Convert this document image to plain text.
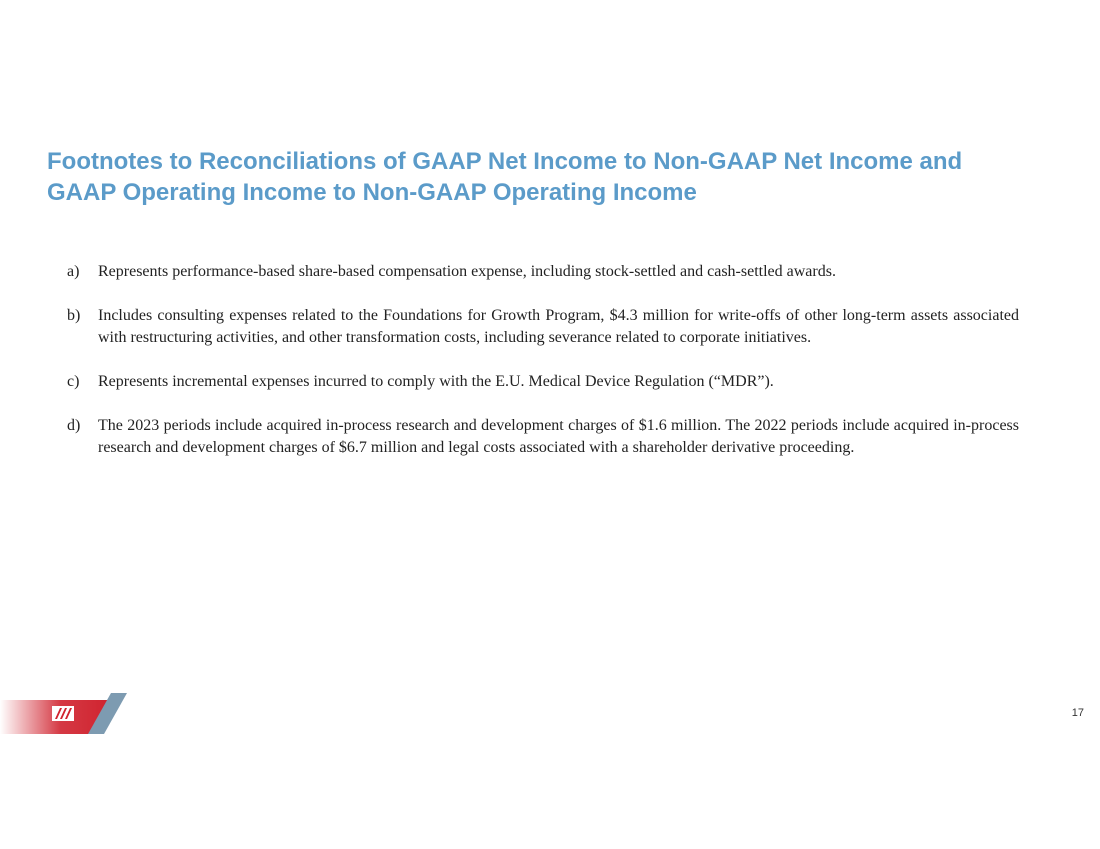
Footnotes to Reconciliations of GAAP Net Income to Non-GAAP Net Income and
GAAP Operating Income to Non-GAAP Operating Income
a) Represents performance-based share-based compensation expense, including stock-settled and cash-settled awards.
b) Includes consulting expenses related to the Foundations for Growth Program, $4.3 million for write-offs of other long-term assets associated with restructuring activities, and other transformation costs, including severance related to corporate initiatives.
c) Represents incremental expenses incurred to comply with the E.U. Medical Device Regulation (“MDR”).
d) The 2023 periods include acquired in-process research and development charges of $1.6 million. The 2022 periods include acquired in-process research and development charges of $6.7 million and legal costs associated with a shareholder derivative proceeding.
17
